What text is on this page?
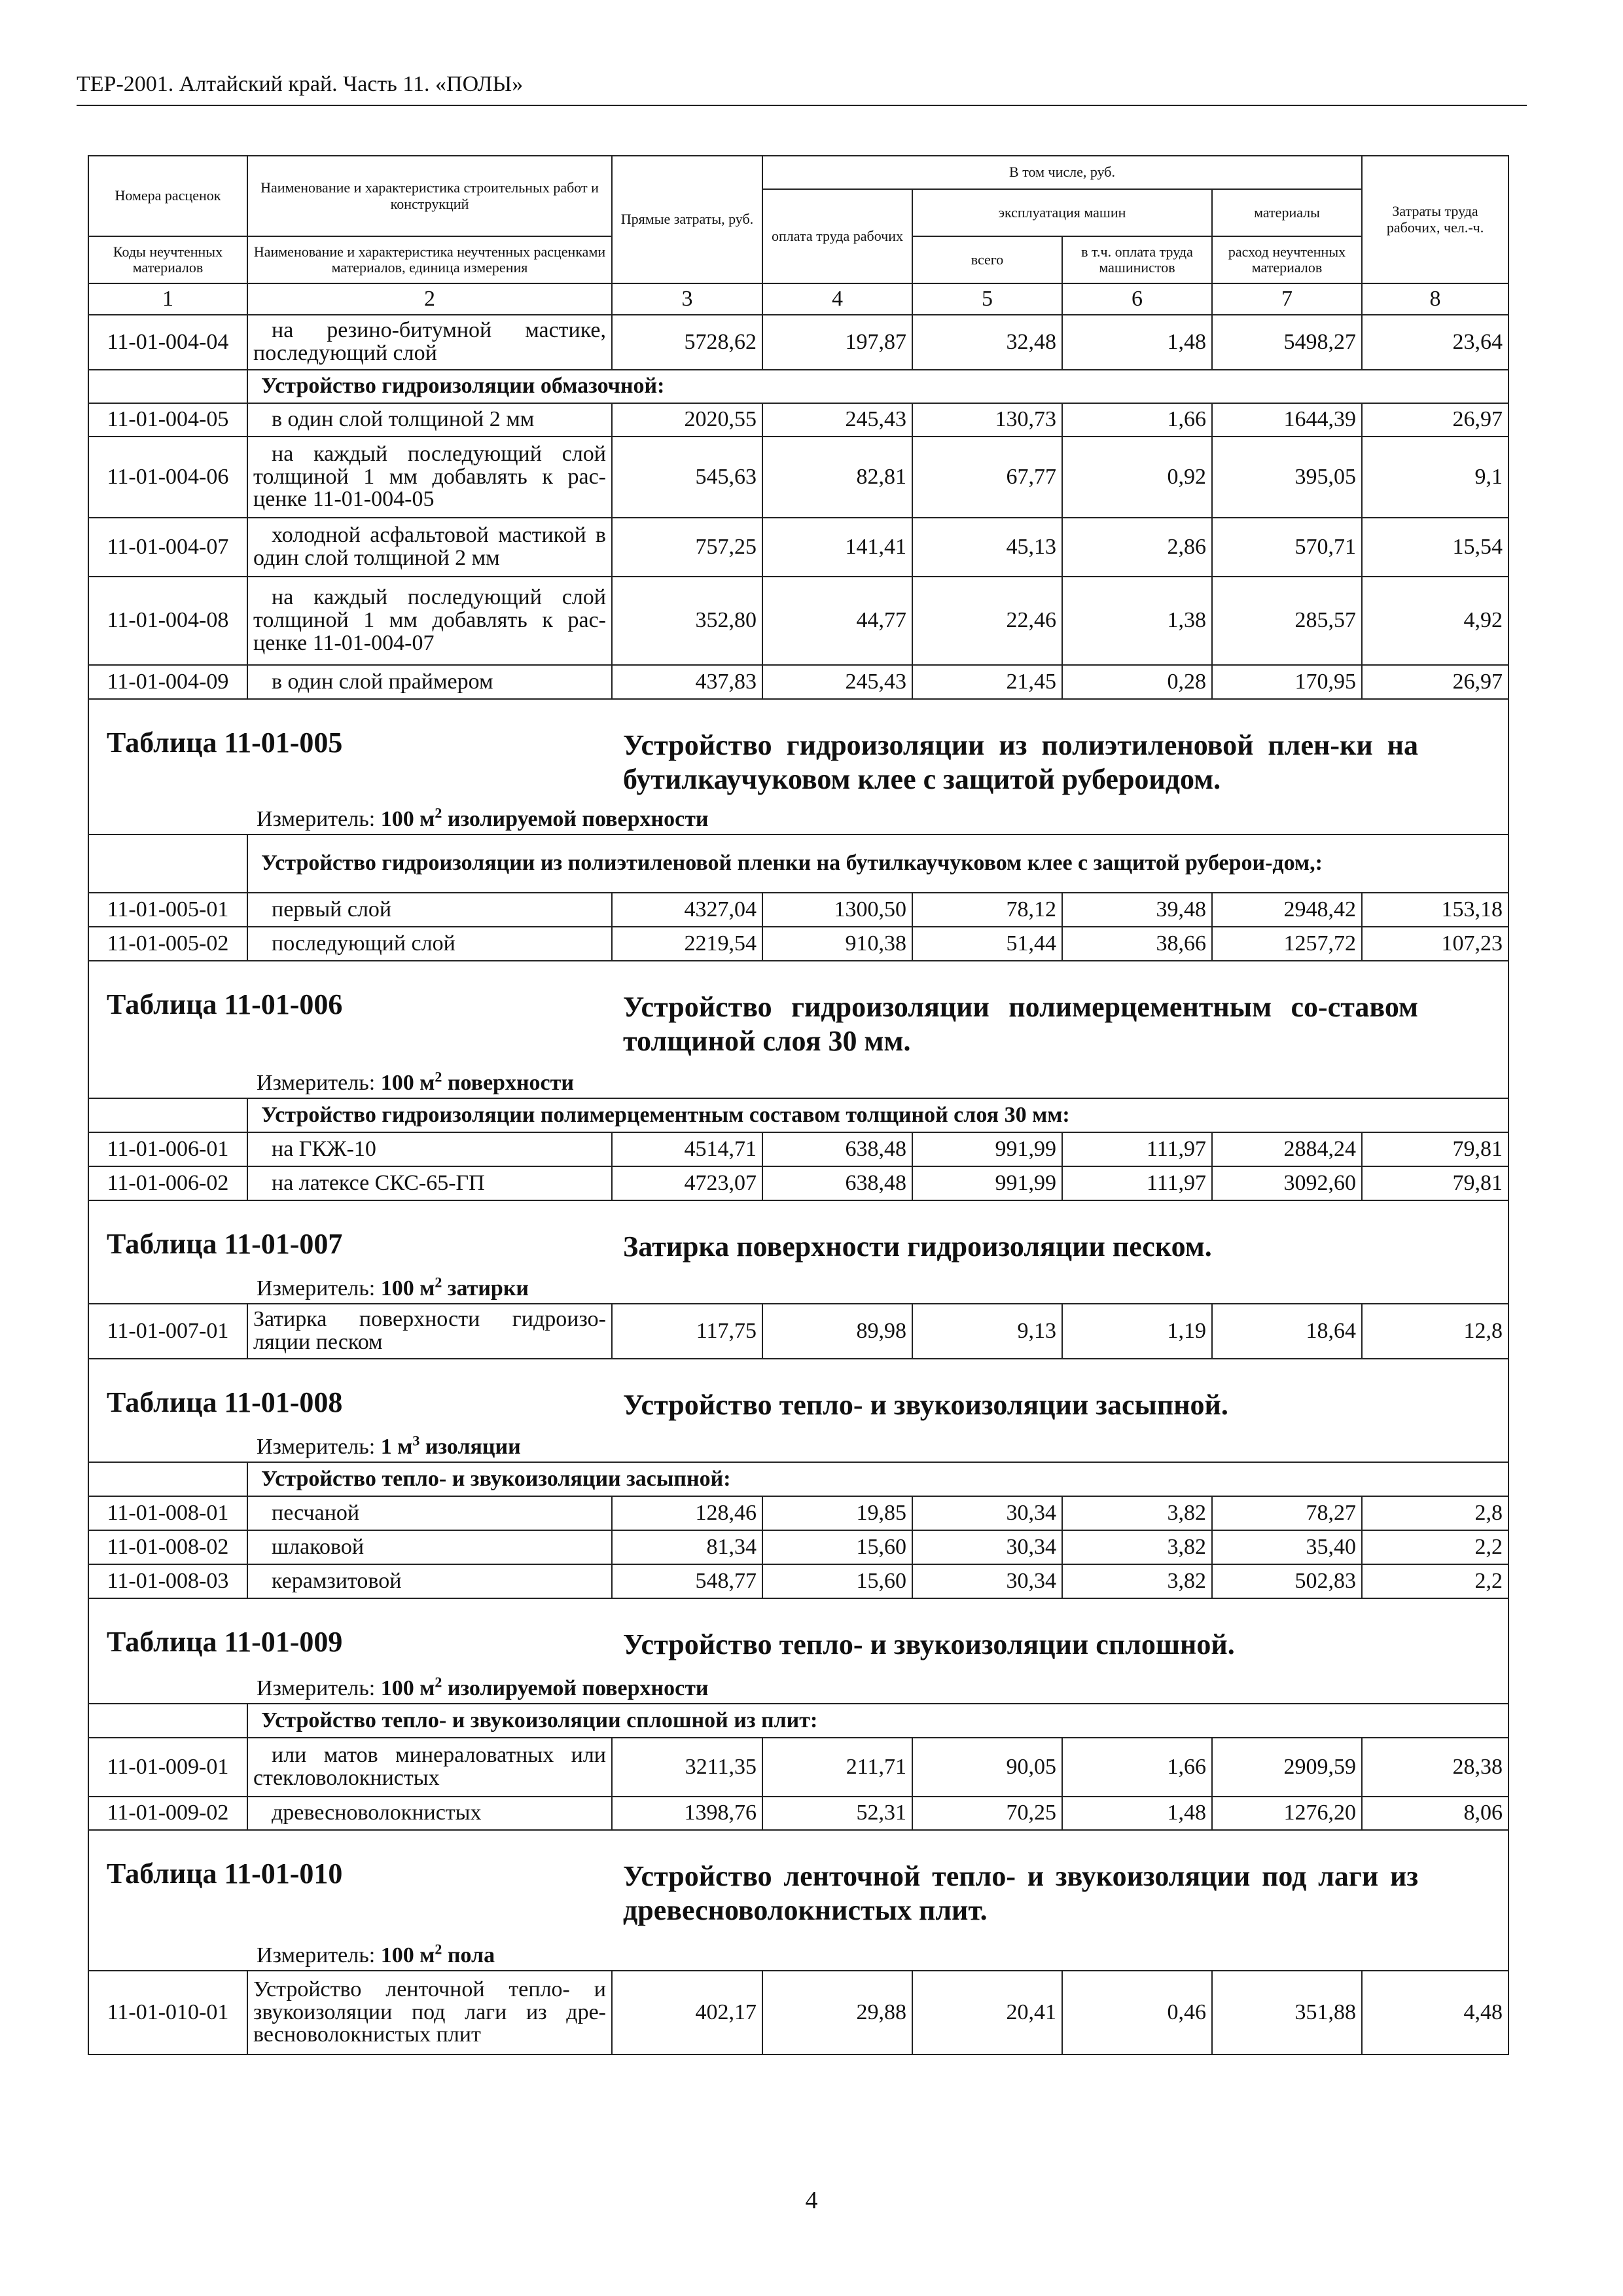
ТЕР-2001. Алтайский край. Часть 11. «ПОЛЫ»
Номера расценок	Наименование и характеристика строительных работ и конструкций	Прямые затраты, руб.	В том числе, руб.				Затраты труда рабочих, чел.-ч.
			оплата труда рабочих	эксплуатация машин		материалы	

Коды неучтенных материалов	Наименование и характеристика неучтенных расценками материалов, единица измерения			всего	в т.ч. оплата труда машинистов	расход неучтенных материалов	

1	2	3	4	5	6	7	8
11-01-004-04	на резино-битумной мастике, последующий слой	5728,62	197,87	32,48	1,48	5498,27	23,64
	Устройство гидроизоляции обмазочной:						
11-01-004-05	в один слой толщиной 2 мм	2020,55	245,43	130,73	1,66	1644,39	26,97
11-01-004-06	на каждый последующий слой толщиной 1 мм добавлять к рас-ценке 11-01-004-05	545,63	82,81	67,77	0,92	395,05	9,1
11-01-004-07	холодной асфальтовой мастикой в один слой толщиной 2 мм	757,25	141,41	45,13	2,86	570,71	15,54
11-01-004-08	на каждый последующий слой толщиной 1 мм добавлять к рас-ценке 11-01-004-07	352,80	44,77	22,46	1,38	285,57	4,92
11-01-004-09	в один слой праймером	437,83	245,43	21,45	0,28	170,95	26,97

Таблица 11-01-005 Устройство гидроизоляции из полиэтиленовой плен-ки на бутилкаучуковом клее с защитой рубероидом.
Измеритель: 100 $м^2$ изолируемой поверхности							

	Устройство гидроизоляции из полиэтиленовой пленки на бутилкаучуковом клее с защитой руберои-дом,:						
11-01-005-01	первый слой	4327,04	1300,50	78,12	39,48	2948,42	153,18
11-01-005-02	последующий слой	2219,54	910,38	51,44	38,66	1257,72	107,23

Таблица 11-01-006 Устройство гидроизоляции полимерцементным со-ставом толщиной слоя 30 мм.
Измеритель: 100 $м^2$ поверхности							

	Устройство гидроизоляции полимерцементным составом толщиной слоя 30 мм:						
11-01-006-01	на ГКЖ-10	4514,71	638,48	991,99	111,97	2884,24	79,81
11-01-006-02	на латексе СКС-65-ГП	4723,07	638,48	991,99	111,97	3092,60	79,81

Таблица 11-01-007 Затирка поверхности гидроизоляции песком.
Измеритель: 100 $м^2$ затирки							

11-01-007-01	Затирка поверхности гидроизо-ляции песком	117,75	89,98	9,13	1,19	18,64	12,8

Таблица 11-01-008 Устройство тепло- и звукоизоляции засыпной.
Измеритель: 1 $м^3$ изоляции							

	Устройство тепло- и звукоизоляции засыпной:						
11-01-008-01	песчаной	128,46	19,85	30,34	3,82	78,27	2,8
11-01-008-02	шлаковой	81,34	15,60	30,34	3,82	35,40	2,2
11-01-008-03	керамзитовой	548,77	15,60	30,34	3,82	502,83	2,2

Таблица 11-01-009 Устройство тепло- и звукоизоляции сплошной.
Измеритель: 100 $м^2$ изолируемой поверхности							

	Устройство тепло- и звукоизоляции сплошной из плит:						
11-01-009-01	или матов минераловатных или стекловолокнистых	3211,35	211,71	90,05	1,66	2909,59	28,38
11-01-009-02	древесноволокнистых	1398,76	52,31	70,25	1,48	1276,20	8,06

Таблица 11-01-010 Устройство ленточной тепло- и звукоизоляции под лаги из древесноволокнистых плит.
Измеритель: 100 $м^2$ пола							

11-01-010-01	Устройство ленточной тепло- и звукоизоляции под лаги из дре-весноволокнистых плит	402,17	29,88	20,41	0,46	351,88	4,48
4
